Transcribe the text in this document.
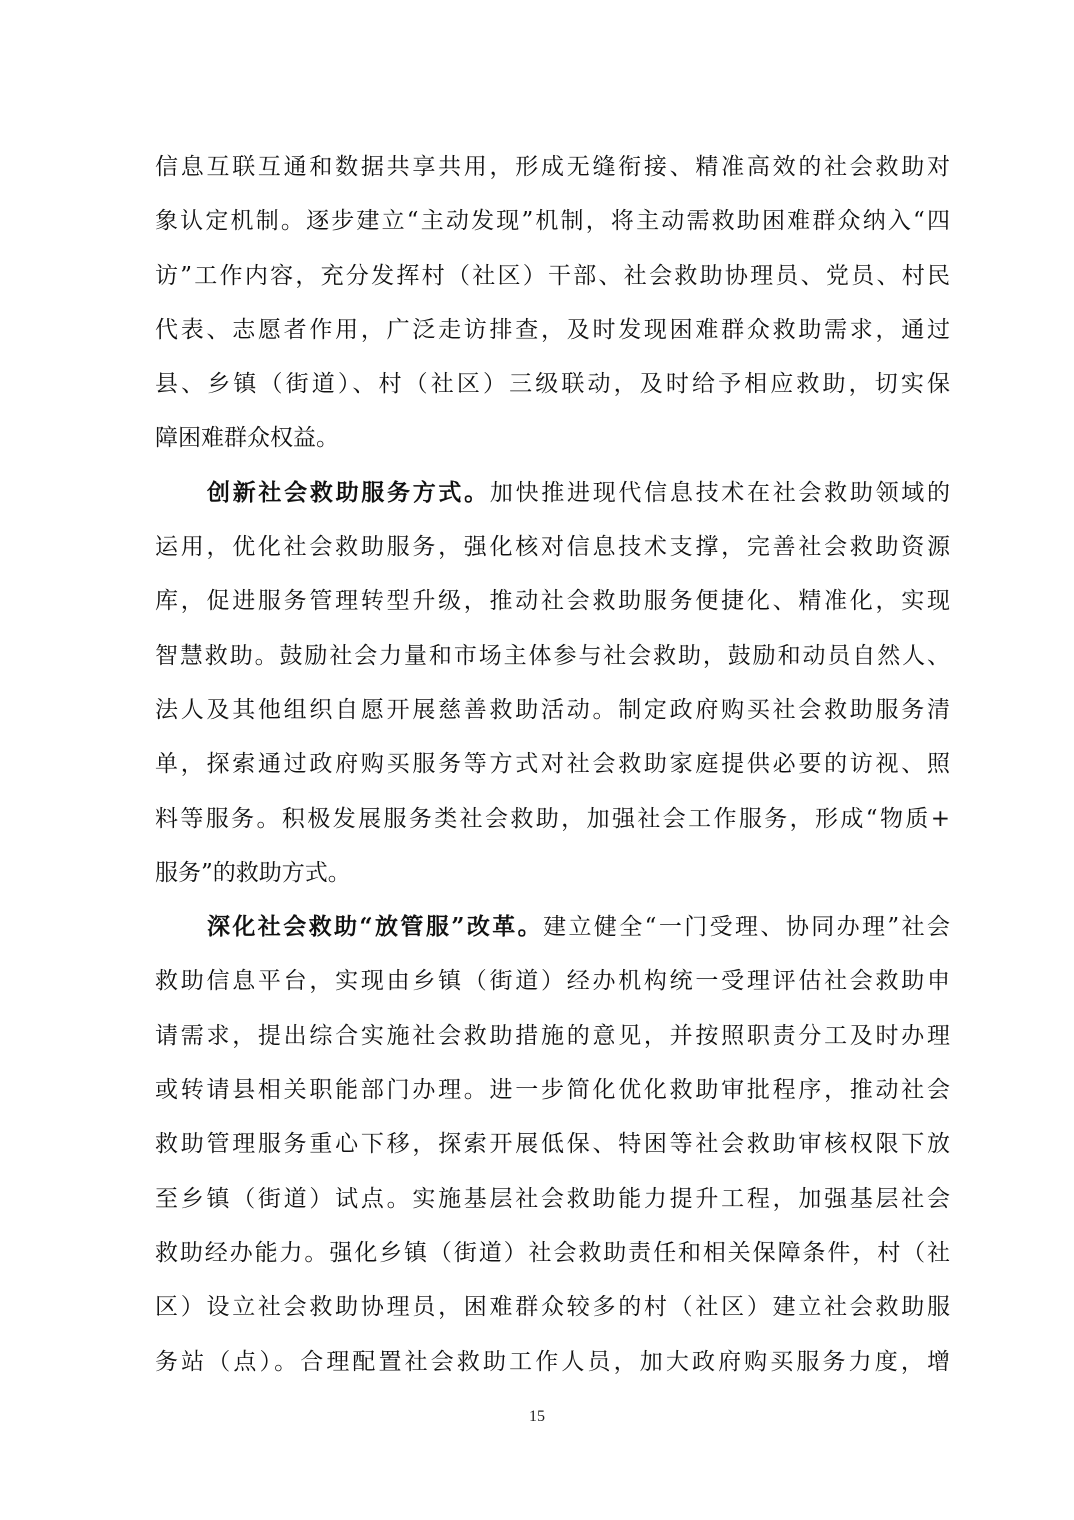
信息互联互通和数据共享共用，形成无缝衔接、精准高效的社会救助对
象认定机制。逐步建立“主动发现”机制，将主动需救助困难群众纳入“四
访”工作内容，充分发挥村（社区）干部、社会救助协理员、党员、村民
代表、志愿者作用，广泛走访排查，及时发现困难群众救助需求，通过
县、乡镇（街道）、村（社区）三级联动，及时给予相应救助，切实保
障困难群众权益。
创新社会救助服务方式。加快推进现代信息技术在社会救助领域的
运用，优化社会救助服务，强化核对信息技术支撑，完善社会救助资源
库，促进服务管理转型升级，推动社会救助服务便捷化、精准化，实现
智慧救助。鼓励社会力量和市场主体参与社会救助，鼓励和动员自然人、
法人及其他组织自愿开展慈善救助活动。制定政府购买社会救助服务清
单，探索通过政府购买服务等方式对社会救助家庭提供必要的访视、照
料等服务。积极发展服务类社会救助，加强社会工作服务，形成“物质+
服务”的救助方式。
深化社会救助“放管服”改革。建立健全“一门受理、协同办理”社会
救助信息平台，实现由乡镇（街道）经办机构统一受理评估社会救助申
请需求，提出综合实施社会救助措施的意见，并按照职责分工及时办理
或转请县相关职能部门办理。进一步简化优化救助审批程序，推动社会
救助管理服务重心下移，探索开展低保、特困等社会救助审核权限下放
至乡镇（街道）试点。实施基层社会救助能力提升工程，加强基层社会
救助经办能力。强化乡镇（街道）社会救助责任和相关保障条件，村（社
区）设立社会救助协理员，困难群众较多的村（社区）建立社会救助服
务站（点）。合理配置社会救助工作人员，加大政府购买服务力度，增
15
